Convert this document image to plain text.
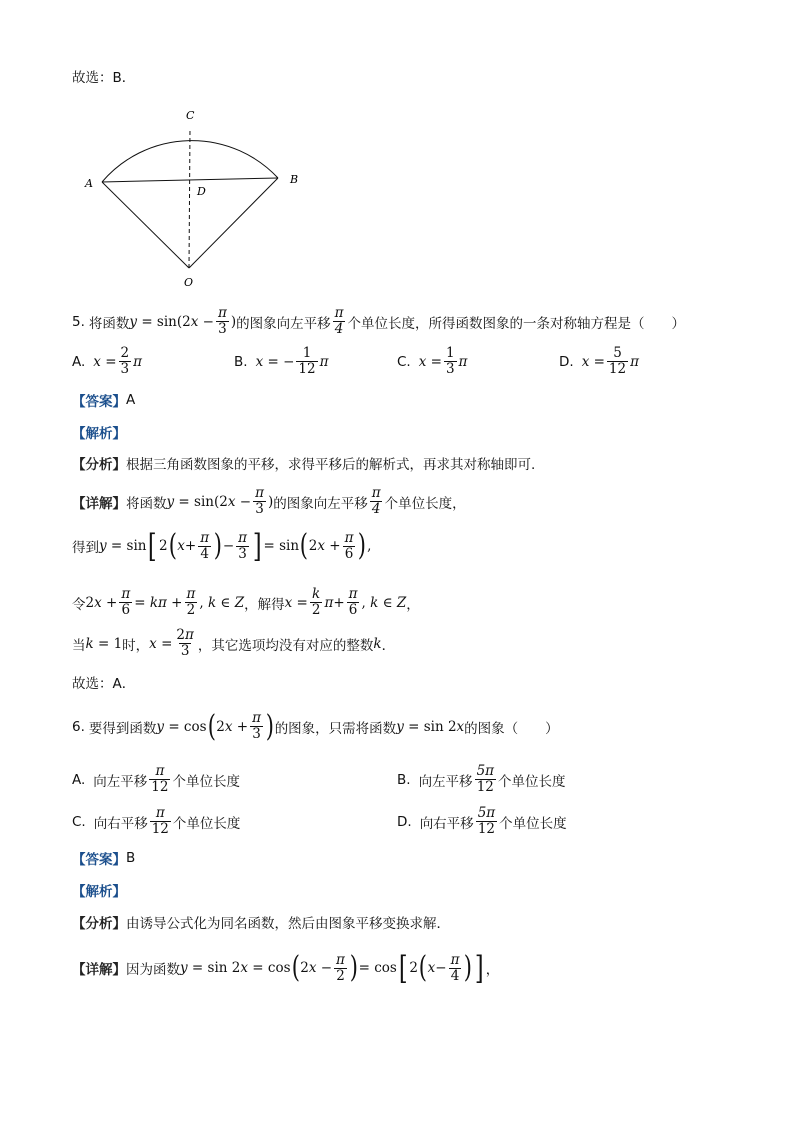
故选：B．
C
A	B
D
O
5. 将函数 $y = \sin(2x - \frac{\pi}{3}$ ) 的图象向左平移 $\frac{\pi}{4}$ 个单位长度，所得函数图象的一条对称轴方程是（　　）
A. $x = \frac{2}{3}$ π	B. x = − $\frac{1}{12}$ π	C. $x = \frac{1}{3}$ π	D. $x = \frac{5}{12}$ π
【答案】 A
【解析】
【分析】 根据三角函数图象的平移，求得平移后的解析式，再求其对称轴即可.
【详解】 将函数 $y = \sin(2x - \frac{\pi}{3}$ ) 的图象向左平移 $\frac{\pi}{4}$ 个单位长度，
得到 y = sin [ 2 ( $x + \frac{\pi}{4}$ ) − $\frac{\pi}{3}$ ] = sin ( $2x + \frac{\pi}{6}$ ) ,
令 $2x + \frac{\pi}{6} = k\pi + \frac{\pi}{2}$ , k ∈ Z ，解得 $x = \frac{k}{2}$ $\pi + \frac{\pi}{6}$ , k ∈ Z ，
当 k = 1 时， $x = \frac{2\pi}{3}$ ，其它选项均没有对应的整数 k ．
故选：A．
6. 要得到函数 y = cos ( $2x + \frac{\pi}{3}$ ) 的图象，只需将函数 y = sin 2x 的图象（　　）
A. 向左平移 $\frac{\pi}{12}$ 个单位长度	B. 向左平移 $\frac{5\pi}{12}$ 个单位长度
C. 向右平移 $\frac{\pi}{12}$ 个单位长度	D. 向右平移 $\frac{5\pi}{12}$ 个单位长度
【答案】 B
【解析】
【分析】 由诱导公式化为同名函数，然后由图象平移变换求解．
【详解】 因为函数 y = sin 2x = cos ( $2x - \frac{\pi}{2}$ ) = cos [ 2 ( $x - \frac{\pi}{4}$ ) ] ，
